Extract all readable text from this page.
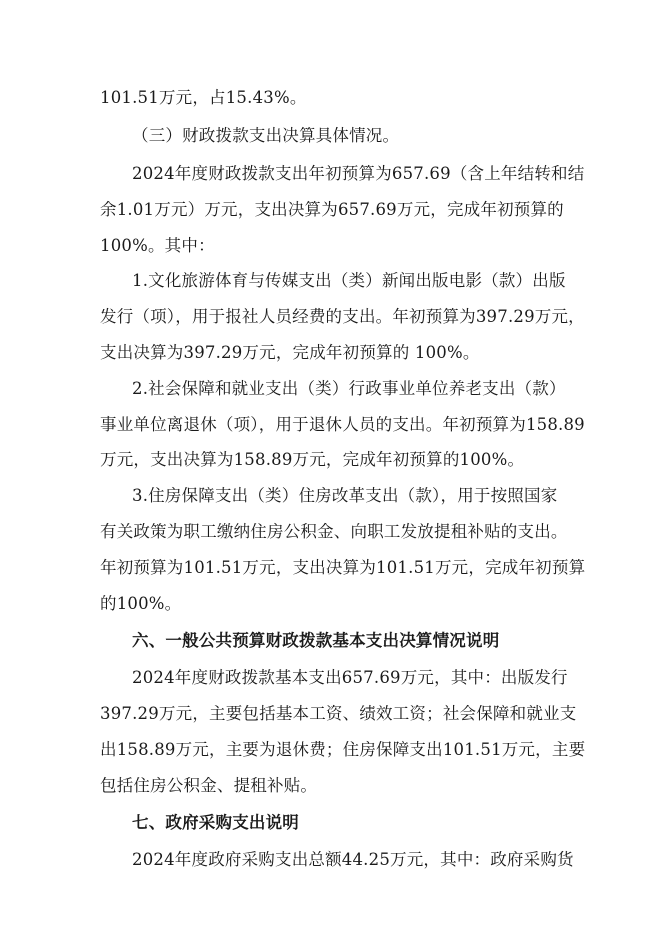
101.51万元，占15.43%。
（三）财政拨款支出决算具体情况。
2024年度财政拨款支出年初预算为657.69（含上年结转和结
余1.01万元）万元，支出决算为657.69万元，完成年初预算的
100%。其中：
1.文化旅游体育与传媒支出（类）新闻出版电影（款）出版
发行（项），用于报社人员经费的支出。年初预算为397.29万元，
支出决算为397.29万元，完成年初预算的 100%。
2.社会保障和就业支出（类）行政事业单位养老支出（款）
事业单位离退休（项），用于退休人员的支出。年初预算为158.89
万元，支出决算为158.89万元，完成年初预算的100%。
3.住房保障支出（类）住房改革支出（款），用于按照国家
有关政策为职工缴纳住房公积金、向职工发放提租补贴的支出。
年初预算为101.51万元，支出决算为101.51万元，完成年初预算
的100%。
六、一般公共预算财政拨款基本支出决算情况说明
2024年度财政拨款基本支出657.69万元，其中：出版发行
397.29万元，主要包括基本工资、绩效工资；社会保障和就业支
出158.89万元，主要为退休费；住房保障支出101.51万元，主要
包括住房公积金、提租补贴。
七、政府采购支出说明
2024年度政府采购支出总额44.25万元，其中：政府采购货
